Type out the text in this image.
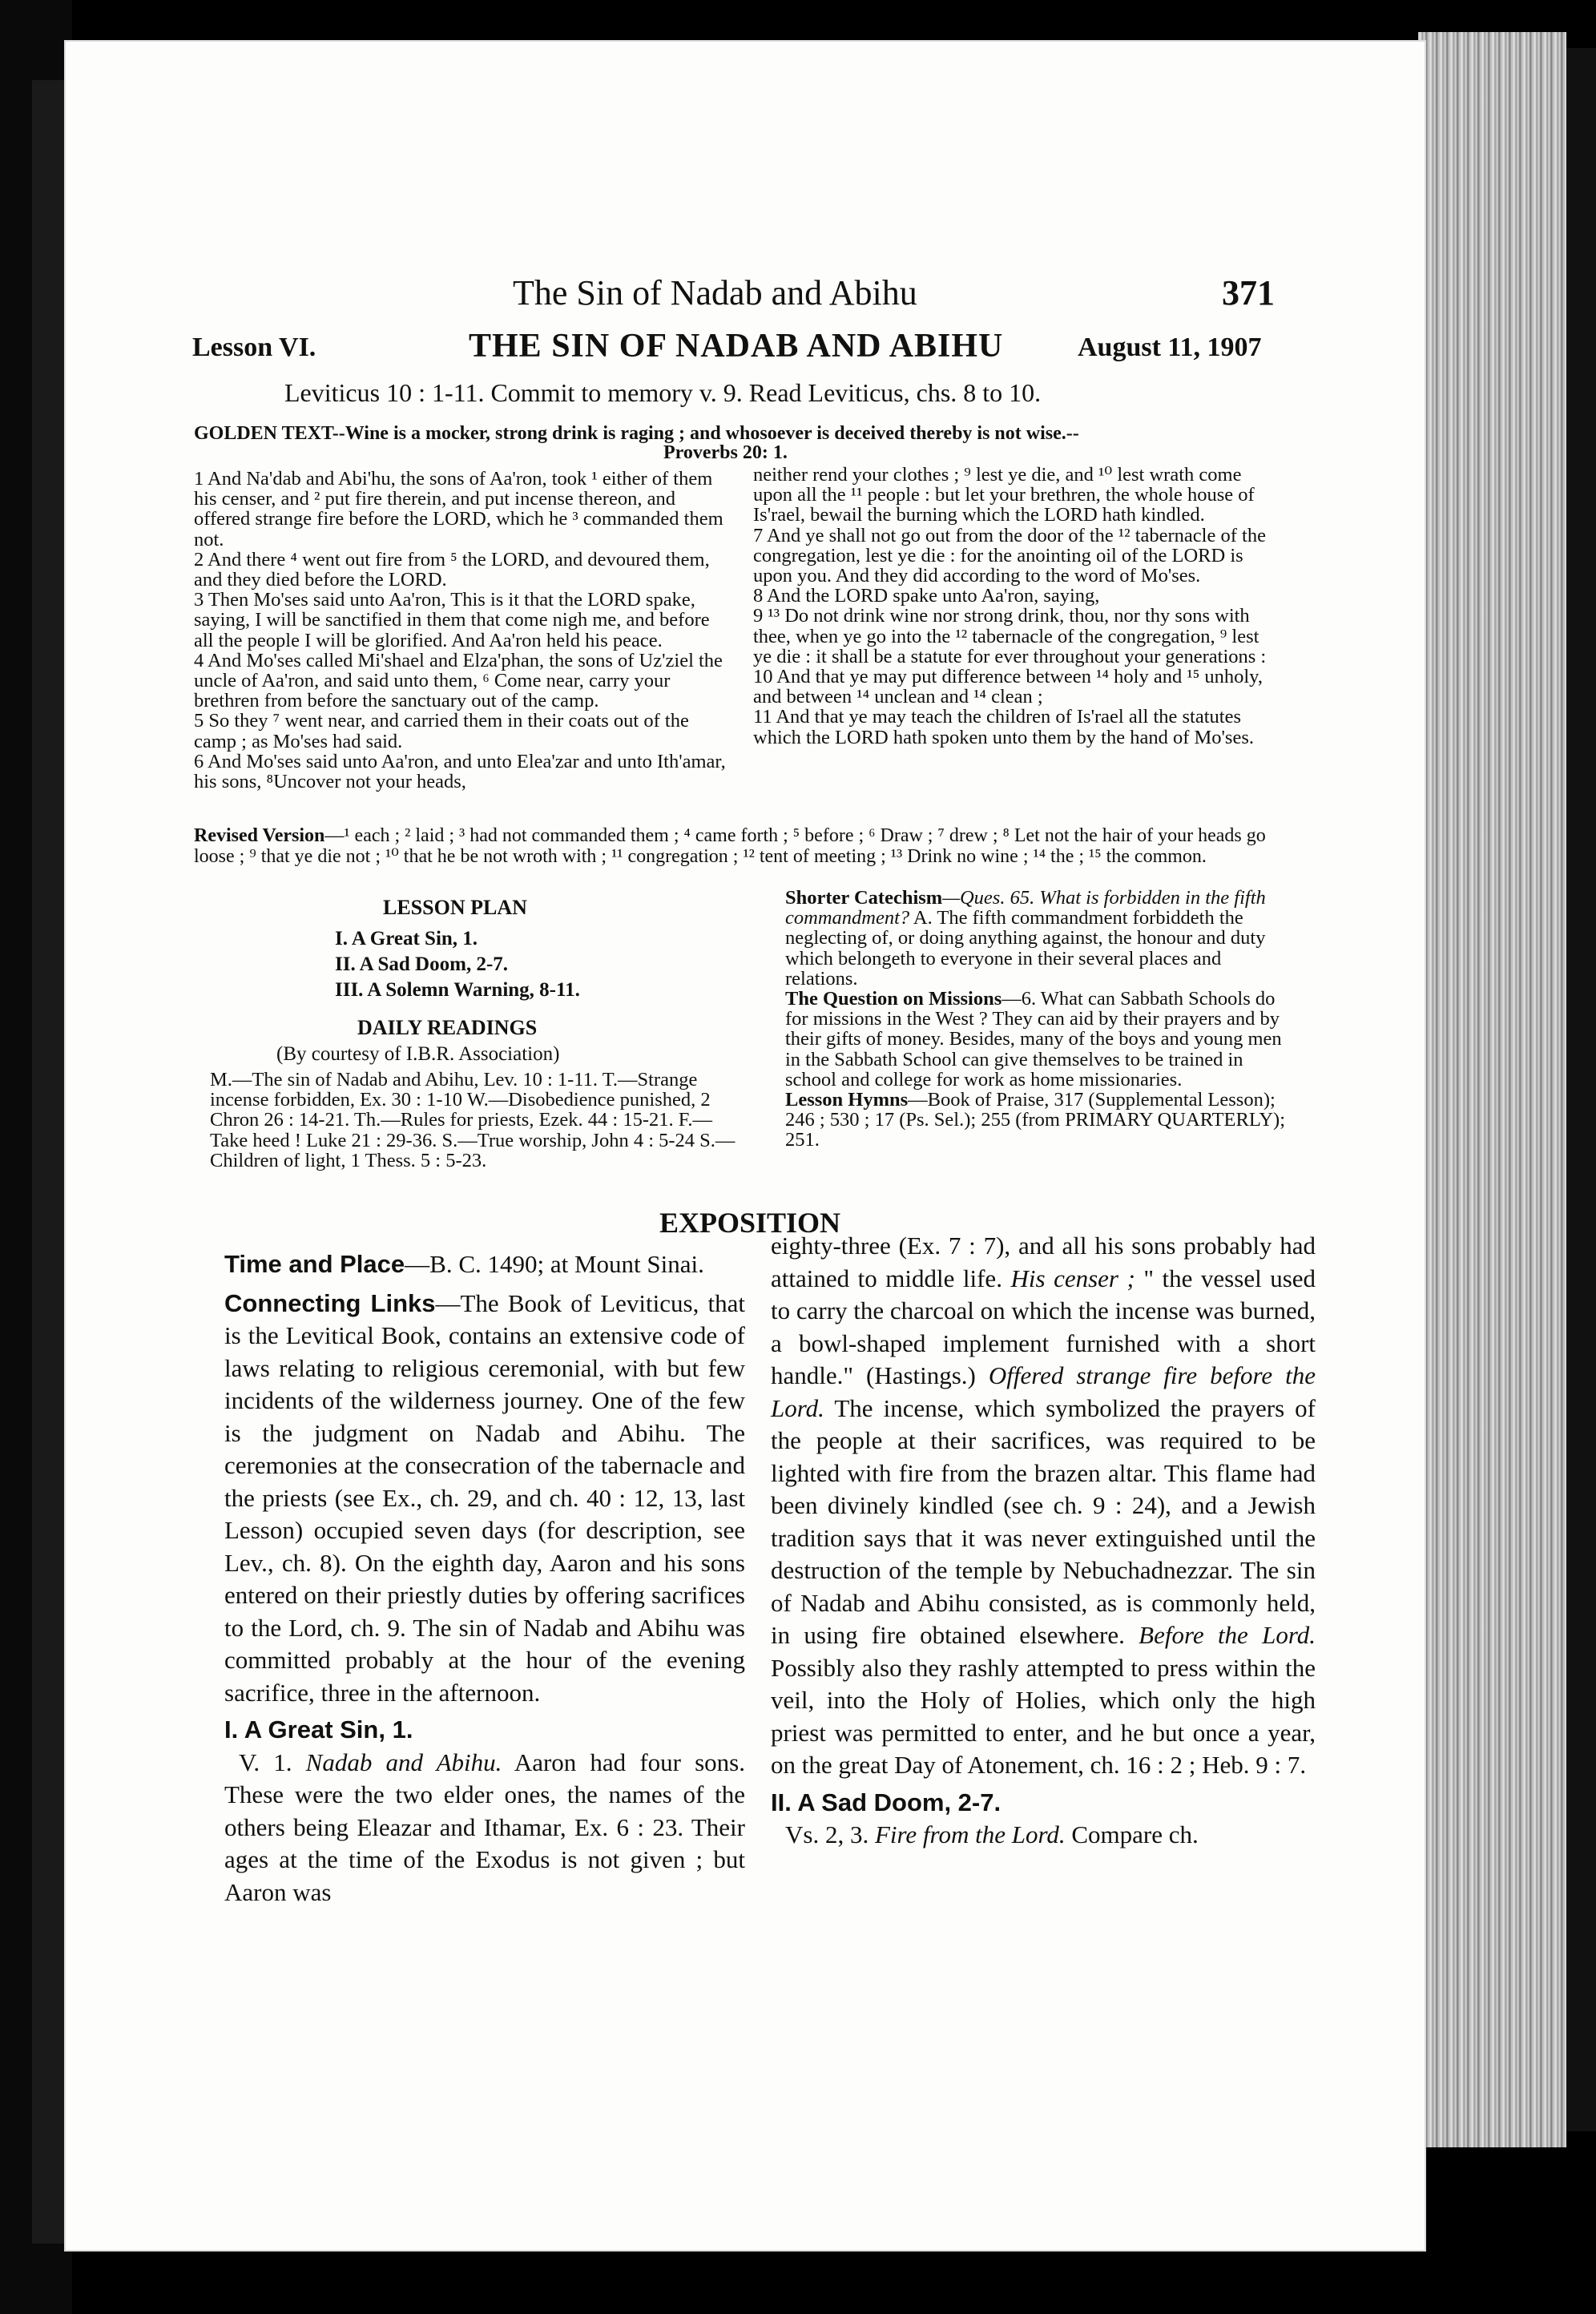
The Sin of Nadab and Abihu	371
Lesson VI.	THE SIN OF NADAB AND ABIHU	August 11, 1907
Leviticus 10 : 1-11. Commit to memory v. 9. Read Leviticus, chs. 8 to 10.
GOLDEN TEXT--Wine is a mocker, strong drink is raging ; and whosoever is deceived thereby is not wise.--
Proverbs 20: 1.

1 And Na'dab and Abi'hu, the sons of Aa'ron, took ¹ either of them his censer, and ² put fire therein, and put incense thereon, and offered strange fire before the LORD, which he ³ commanded them not.

2 And there ⁴ went out fire from ⁵ the LORD, and devoured them, and they died before the LORD.

3 Then Mo'ses said unto Aa'ron, This is it that the LORD spake, saying, I will be sanctified in them that come nigh me, and before all the people I will be glorified. And Aa'ron held his peace.

4 And Mo'ses called Mi'shael and Elza'phan, the sons of Uz'ziel the uncle of Aa'ron, and said unto them, ⁶ Come near, carry your brethren from before the sanctuary out of the camp.

5 So they ⁷ went near, and carried them in their coats out of the camp ; as Mo'ses had said.

6 And Mo'ses said unto Aa'ron, and unto Elea'zar and unto Ith'amar, his sons, ⁸Uncover not your heads,

neither rend your clothes ; ⁹ lest ye die, and ¹⁰ lest wrath come upon all the ¹¹ people : but let your brethren, the whole house of Is'rael, bewail the burning which the LORD hath kindled.

7 And ye shall not go out from the door of the ¹² tabernacle of the congregation, lest ye die : for the anointing oil of the LORD is upon you. And they did according to the word of Mo'ses.

8 And the LORD spake unto Aa'ron, saying,

9 ¹³ Do not drink wine nor strong drink, thou, nor thy sons with thee, when ye go into the ¹² tabernacle of the congregation, ⁹ lest ye die : it shall be a statute for ever throughout your generations :

10 And that ye may put difference between ¹⁴ holy and ¹⁵ unholy, and between ¹⁴ unclean and ¹⁴ clean ;

11 And that ye may teach the children of Is'rael all the statutes which the LORD hath spoken unto them by the hand of Mo'ses.

Revised Version—¹ each ; ² laid ; ³ had not commanded them ; ⁴ came forth ; ⁵ before ; ⁶ Draw ; ⁷ drew ; ⁸ Let not the hair of your heads go loose ; ⁹ that ye die not ; ¹⁰ that he be not wroth with ; ¹¹ congregation ; ¹² tent of meeting ; ¹³ Drink no wine ; ¹⁴ the ; ¹⁵ the common.
LESSON PLAN
I. A Great Sin, 1.
II. A Sad Doom, 2-7.
III. A Solemn Warning, 8-11.
DAILY READINGS
(By courtesy of I.B.R. Association)

M.—The sin of Nadab and Abihu, Lev. 10 : 1-11. T.—Strange incense forbidden, Ex. 30 : 1-10 W.—Disobedience punished, 2 Chron 26 : 14-21. Th.—Rules for priests, Ezek. 44 : 15-21. F.—Take heed ! Luke 21 : 29-36. S.—True worship, John 4 : 5-24 S.—Children of light, 1 Thess. 5 : 5-23.

Shorter Catechism—Ques. 65. What is forbidden in the fifth commandment? A. The fifth commandment forbiddeth the neglecting of, or doing anything against, the honour and duty which belongeth to everyone in their several places and relations.

The Question on Missions—6. What can Sabbath Schools do for missions in the West ? They can aid by their prayers and by their gifts of money. Besides, many of the boys and young men in the Sabbath School can give themselves to be trained in school and college for work as home missionaries.

Lesson Hymns—Book of Praise, 317 (Supplemental Lesson); 246 ; 530 ; 17 (Ps. Sel.); 255 (from PRIMARY QUARTERLY); 251.

EXPOSITION

Time and Place—B. C. 1490; at Mount Sinai.

Connecting Links—The Book of Leviticus, that is the Levitical Book, contains an extensive code of laws relating to religious ceremonial, with but few incidents of the wilderness journey. One of the few is the judgment on Nadab and Abihu. The ceremonies at the consecration of the tabernacle and the priests (see Ex., ch. 29, and ch. 40 : 12, 13, last Lesson) occupied seven days (for description, see Lev., ch. 8). On the eighth day, Aaron and his sons entered on their priestly duties by offering sacrifices to the Lord, ch. 9. The sin of Nadab and Abihu was committed probably at the hour of the evening sacrifice, three in the afternoon.

I. A Great Sin, 1.

V. 1. Nadab and Abihu. Aaron had four sons. These were the two elder ones, the names of the others being Eleazar and Ithamar, Ex. 6 : 23. Their ages at the time of the Exodus is not given ; but Aaron was

eighty-three (Ex. 7 : 7), and all his sons probably had attained to middle life. His censer ; " the vessel used to carry the charcoal on which the incense was burned, a bowl-shaped implement furnished with a short handle." (Hastings.) Offered strange fire before the Lord. The incense, which symbolized the prayers of the people at their sacrifices, was required to be lighted with fire from the brazen altar. This flame had been divinely kindled (see ch. 9 : 24), and a Jewish tradition says that it was never extinguished until the destruction of the temple by Nebuchadnezzar. The sin of Nadab and Abihu consisted, as is commonly held, in using fire obtained elsewhere. Before the Lord. Possibly also they rashly attempted to press within the veil, into the Holy of Holies, which only the high priest was permitted to enter, and he but once a year, on the great Day of Atonement, ch. 16 : 2 ; Heb. 9 : 7.

II. A Sad Doom, 2-7.

Vs. 2, 3. Fire from the Lord. Compare ch.
